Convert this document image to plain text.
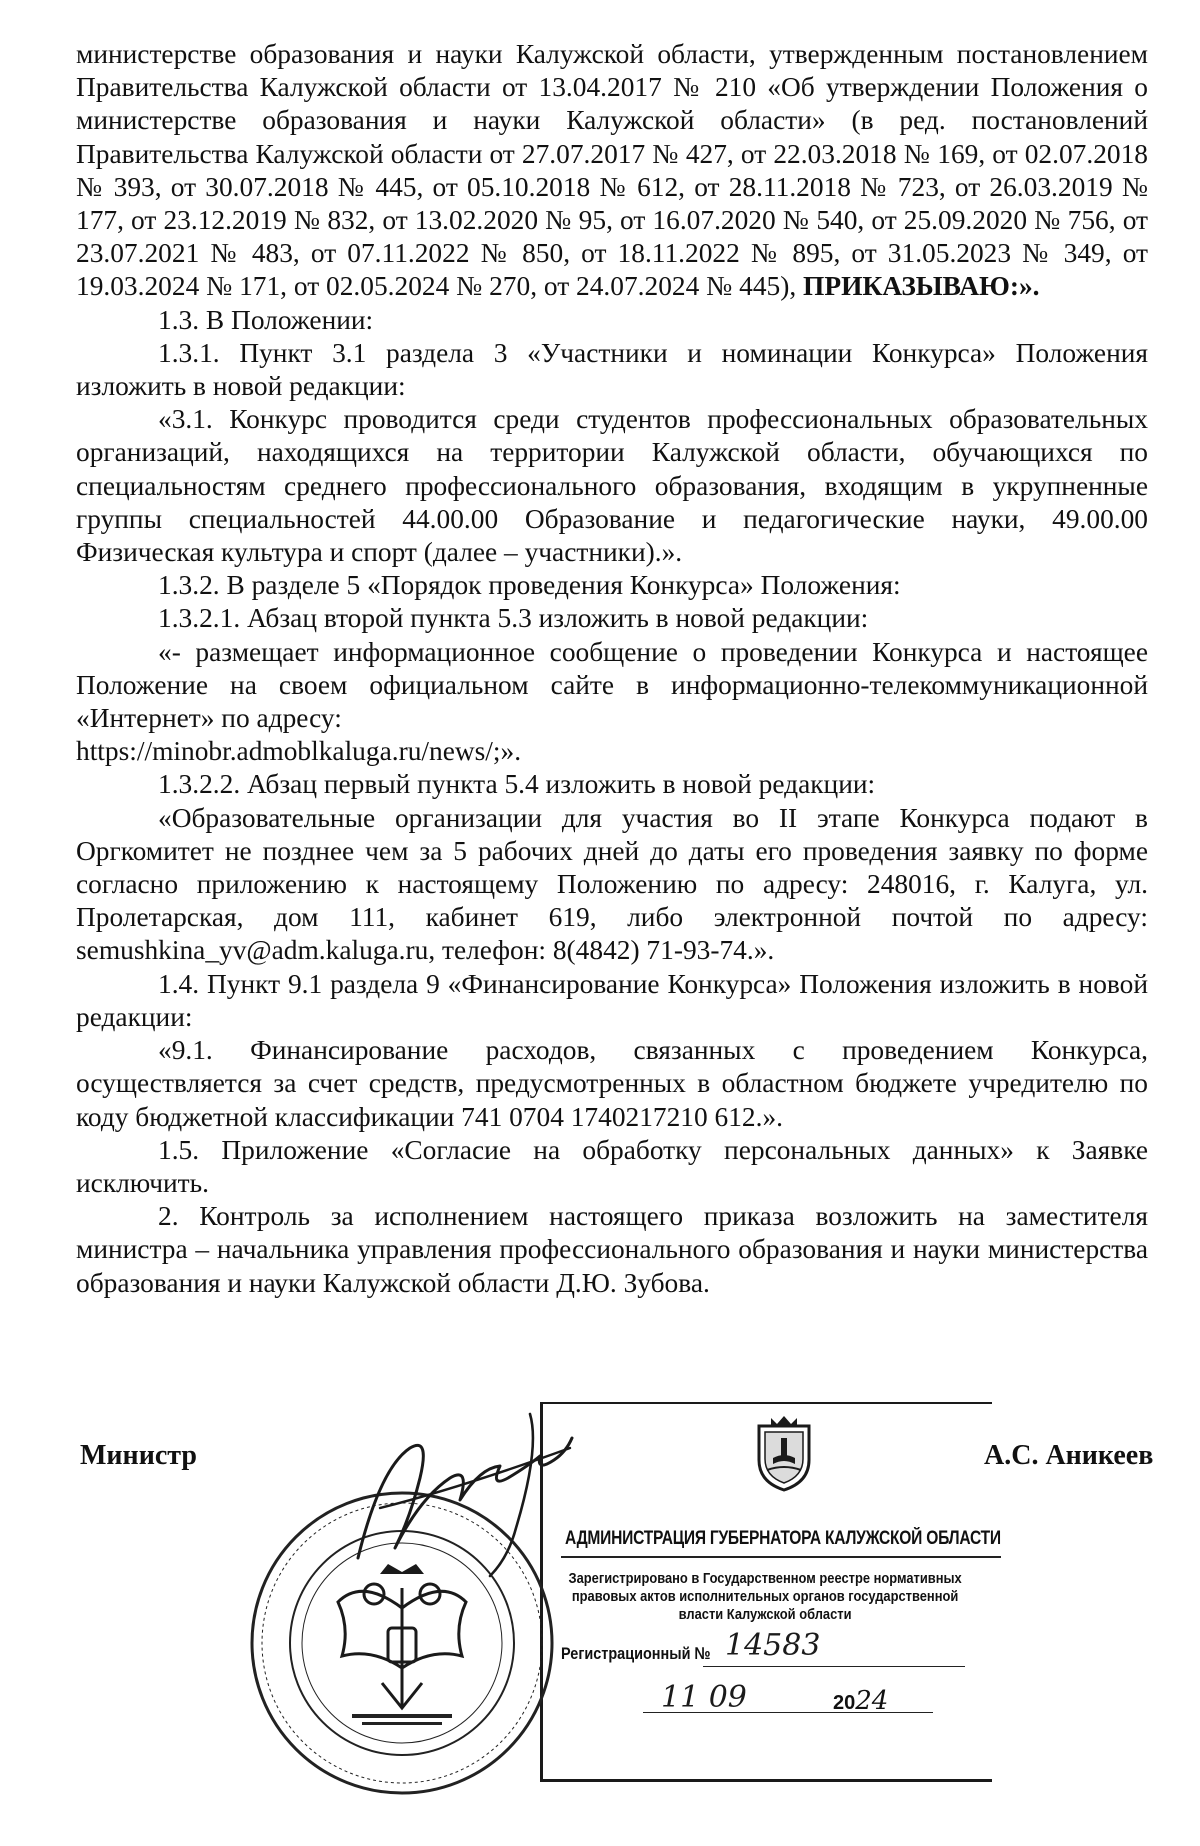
министерстве образования и науки Калужской области, утвержденным постановлением Правительства Калужской области от 13.04.2017 № 210 «Об утверждении Положения о министерстве образования и науки Калужской области» (в ред. постановлений Правительства Калужской области от 27.07.2017 № 427, от 22.03.2018 № 169, от 02.07.2018 № 393, от 30.07.2018 № 445, от 05.10.2018 № 612, от 28.11.2018 № 723, от 26.03.2019 № 177, от 23.12.2019 № 832, от 13.02.2020 № 95, от 16.07.2020 № 540, от 25.09.2020 № 756, от 23.07.2021 № 483, от 07.11.2022 № 850, от 18.11.2022 № 895, от 31.05.2023 № 349, от 19.03.2024 № 171, от 02.05.2024 № 270, от 24.07.2024 № 445), ПРИКАЗЫВАЮ:».

1.3. В Положении:

1.3.1. Пункт 3.1 раздела 3 «Участники и номинации Конкурса» Положения изложить в новой редакции:

«3.1. Конкурс проводится среди студентов профессиональных образовательных организаций, находящихся на территории Калужской области, обучающихся по специальностям среднего профессионального образования, входящим в укрупненные группы специальностей 44.00.00 Образование и педагогические науки, 49.00.00 Физическая культура и спорт (далее – участники).».

1.3.2. В разделе 5 «Порядок проведения Конкурса» Положения:

1.3.2.1. Абзац второй пункта 5.3 изложить в новой редакции:

«- размещает информационное сообщение о проведении Конкурса и настоящее Положение на своем официальном сайте в информационно-телекоммуникационной «Интернет» по адресу:

https://minobr.admoblkaluga.ru/news/;».

1.3.2.2. Абзац первый пункта 5.4 изложить в новой редакции:

«Образовательные организации для участия во II этапе Конкурса подают в Оргкомитет не позднее чем за 5 рабочих дней до даты его проведения заявку по форме согласно приложению к настоящему Положению по адресу: 248016, г. Калуга, ул. Пролетарская, дом 111, кабинет 619, либо электронной почтой по адресу: semushkina_yv@adm.kaluga.ru, телефон: 8(4842) 71-93-74.».

1.4. Пункт 9.1 раздела 9 «Финансирование Конкурса» Положения изложить в новой редакции:

«9.1. Финансирование расходов, связанных с проведением Конкурса, осуществляется за счет средств, предусмотренных в областном бюджете учредителю по коду бюджетной классификации 741 0704 1740217210 612.».

1.5. Приложение «Согласие на обработку персональных данных» к Заявке исключить.

2. Контроль за исполнением настоящего приказа возложить на заместителя министра – начальника управления профессионального образования и науки министерства образования и науки Калужской области Д.Ю. Зубова.

Министр	А.С. Аникеев
АДМИНИСТРАЦИЯ ГУБЕРНАТОРА КАЛУЖСКОЙ ОБЛАСТИ
Зарегистрировано в Государственном реестре нормативных правовых актов исполнительных органов государственной власти Калужской области
Регистрационный № 14583
11 09	2024
